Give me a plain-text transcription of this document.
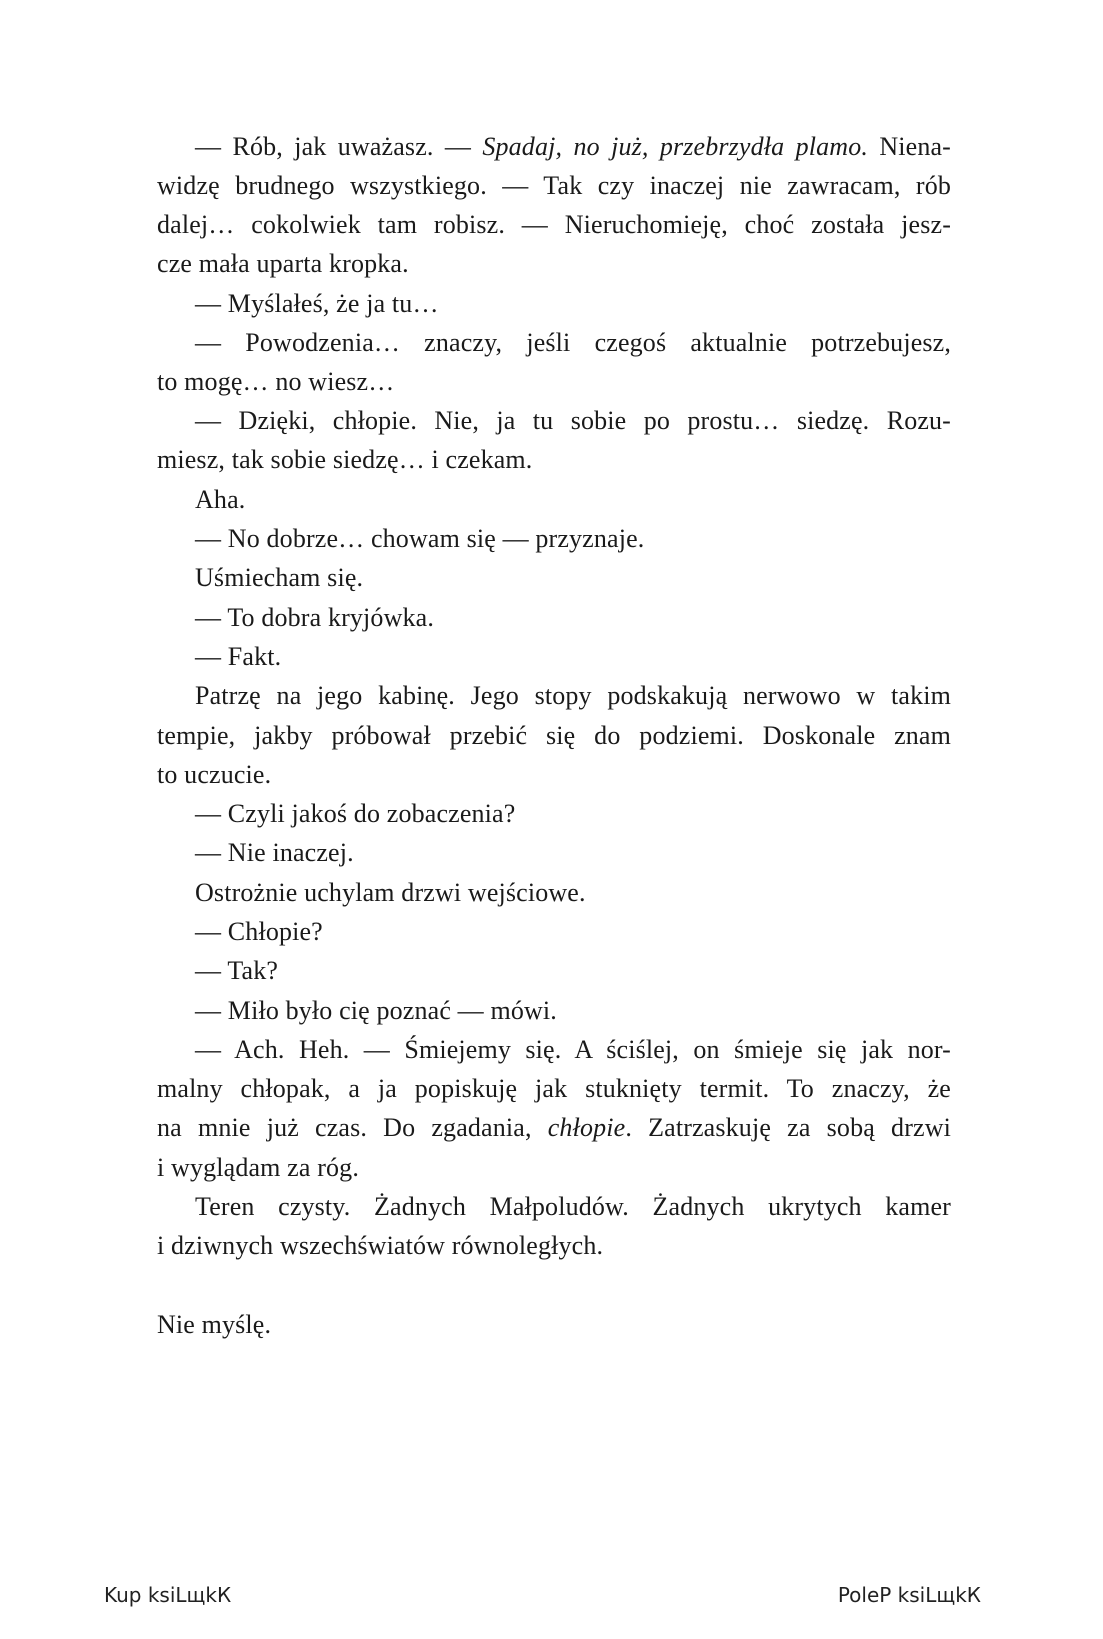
— Rób, jak uważasz. — Spadaj, no już, przebrzydła plamo. Niena-
widzę brudnego wszystkiego. — Tak czy inaczej nie zawracam, rób
dalej… cokolwiek tam robisz. — Nieruchomieję, choć została jesz-
cze mała uparta kropka.
— Myślałeś, że ja tu…
— Powodzenia… znaczy, jeśli czegoś aktualnie potrzebujesz,
to mogę… no wiesz…
— Dzięki, chłopie. Nie, ja tu sobie po prostu… siedzę. Rozu-
miesz, tak sobie siedzę… i czekam.
Aha.
— No dobrze… chowam się — przyznaje.
Uśmiecham się.
— To dobra kryjówka.
— Fakt.
Patrzę na jego kabinę. Jego stopy podskakują nerwowo w takim
tempie, jakby próbował przebić się do podziemi. Doskonale znam
to uczucie.
— Czyli jakoś do zobaczenia?
— Nie inaczej.
Ostrożnie uchylam drzwi wejściowe.
— Chłopie?
— Tak?
— Miło było cię poznać — mówi.
— Ach. Heh. — Śmiejemy się. A ściślej, on śmieje się jak nor-
malny chłopak, a ja popiskuję jak stuknięty termit. To znaczy, że
na mnie już czas. Do zgadania, chłopie. Zatrzaskuję za sobą drzwi
i wyglądam za róg.
Teren czysty. Żadnych Małpoludów. Żadnych ukrytych kamer
i dziwnych wszechświatów równoległych.
Nie myślę.
Kup ksiLщkК	PoleP ksiLщkК
